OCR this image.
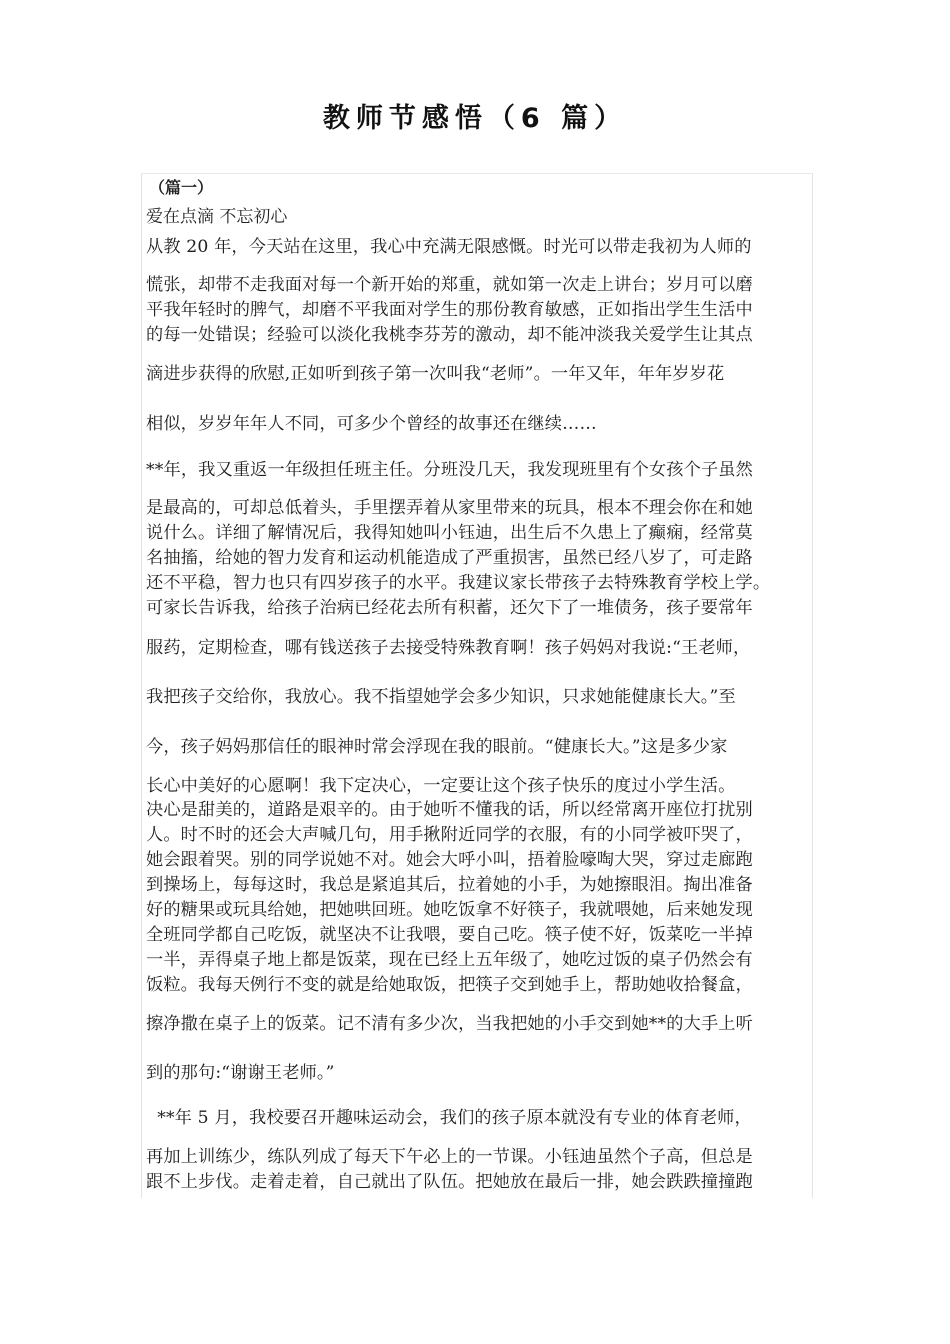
教师节感悟（6 篇）
（篇一）
爱在点滴 不忘初心
从教 20 年，今天站在这里，我心中充满无限感慨。时光可以带走我初为人师的
慌张，却带不走我面对每一个新开始的郑重，就如第一次走上讲台；岁月可以磨
平我年轻时的脾气，却磨不平我面对学生的那份教育敏感，正如指出学生生活中
的每一处错误；经验可以淡化我桃李芬芳的激动，却不能冲淡我关爱学生让其点
滴进步获得的欣慰,正如听到孩子第一次叫我“老师”。一年又年，年年岁岁花
相似，岁岁年年人不同，可多少个曾经的故事还在继续……
**年，我又重返一年级担任班主任。分班没几天，我发现班里有个女孩个子虽然
是最高的，可却总低着头，手里摆弄着从家里带来的玩具，根本不理会你在和她
说什么。详细了解情况后，我得知她叫小钰迪，出生后不久患上了癫痫，经常莫
名抽搐，给她的智力发育和运动机能造成了严重损害，虽然已经八岁了，可走路
还不平稳，智力也只有四岁孩子的水平。我建议家长带孩子去特殊教育学校上学。
可家长告诉我，给孩子治病已经花去所有积蓄，还欠下了一堆债务，孩子要常年
服药，定期检查，哪有钱送孩子去接受特殊教育啊！孩子妈妈对我说:“王老师，
我把孩子交给你，我放心。我不指望她学会多少知识，只求她能健康长大。”至
今，孩子妈妈那信任的眼神时常会浮现在我的眼前。“健康长大。”这是多少家
长心中美好的心愿啊！我下定决心，一定要让这个孩子快乐的度过小学生活。
决心是甜美的，道路是艰辛的。由于她听不懂我的话，所以经常离开座位打扰别
人。时不时的还会大声喊几句，用手揪附近同学的衣服，有的小同学被吓哭了，
她会跟着哭。别的同学说她不对。她会大呼小叫，捂着脸嚎啕大哭，穿过走廊跑
到操场上，每每这时，我总是紧追其后，拉着她的小手，为她擦眼泪。掏出准备
好的糖果或玩具给她，把她哄回班。她吃饭拿不好筷子，我就喂她，后来她发现
全班同学都自己吃饭，就坚决不让我喂，要自己吃。筷子使不好，饭菜吃一半掉
一半，弄得桌子地上都是饭菜，现在已经上五年级了，她吃过饭的桌子仍然会有
饭粒。我每天例行不变的就是给她取饭，把筷子交到她手上，帮助她收拾餐盒，
擦净撒在桌子上的饭菜。记不清有多少次，当我把她的小手交到她**的大手上听
到的那句:“谢谢王老师。”
**年 5 月，我校要召开趣味运动会，我们的孩子原本就没有专业的体育老师，
再加上训练少，练队列成了每天下午必上的一节课。小钰迪虽然个子高，但总是
跟不上步伐。走着走着，自己就出了队伍。把她放在最后一排，她会跌跌撞撞跑
